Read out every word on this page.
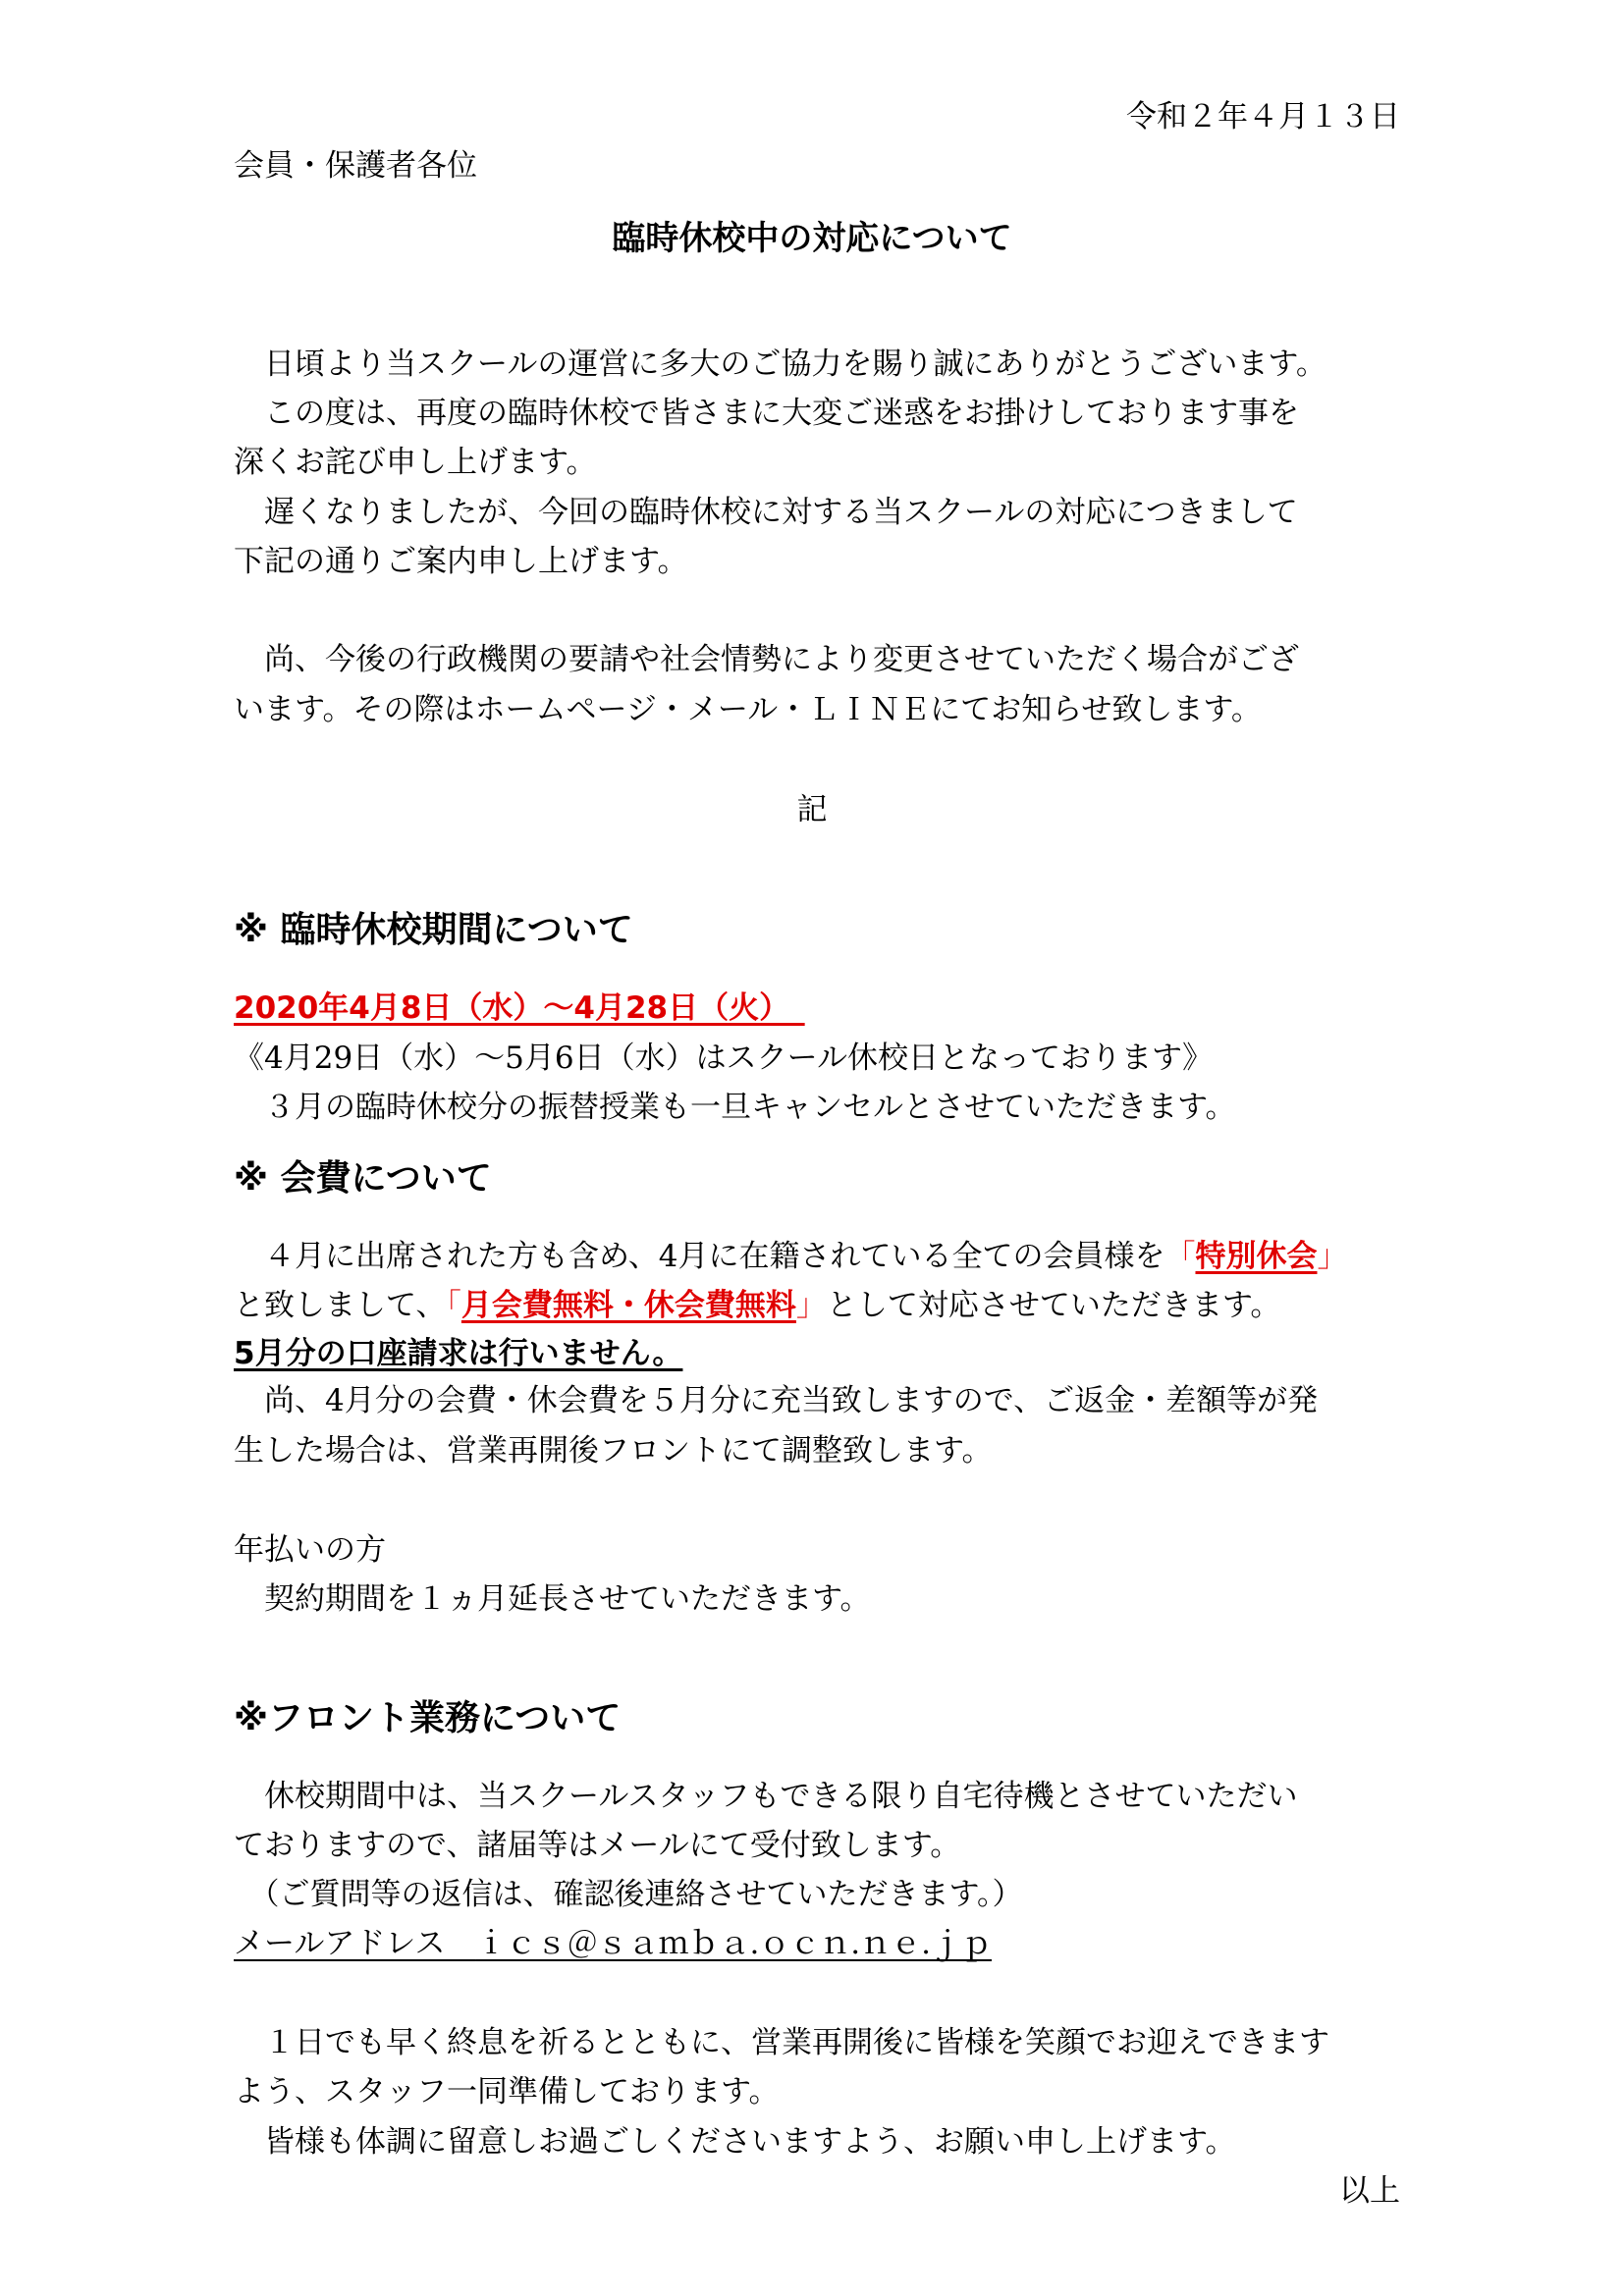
令和２年４月１３日
会員・保護者各位
臨時休校中の対応について
　日頃より当スクールの運営に多大のご協力を賜り誠にありがとうございます。
　この度は、再度の臨時休校で皆さまに大変ご迷惑をお掛けしております事を
深くお詫び申し上げます。
　遅くなりましたが、今回の臨時休校に対する当スクールの対応につきまして
下記の通りご案内申し上げます。
　尚、今後の行政機関の要請や社会情勢により変更させていただく場合がござ
います。その際はホームページ・メール・ＬＩＮＥにてお知らせ致します。
記
※ 臨時休校期間について
2020年4月8日（水）～4月28日（火）　
《4月29日（水）～5月6日（水）はスクール休校日となっております》
　３月の臨時休校分の振替授業も一旦キャンセルとさせていただきます。
※ 会費について
　４月に出席された方も含め、4月に在籍されている全ての会員様を「特別休会」
と致しまして、「月会費無料・休会費無料」として対応させていただきます。
5月分の口座請求は行いません。
　尚、4月分の会費・休会費を５月分に充当致しますので、ご返金・差額等が発
生した場合は、営業再開後フロントにて調整致します。
年払いの方
　契約期間を１ヵ月延長させていただきます。
※フロント業務について
　休校期間中は、当スクールスタッフもできる限り自宅待機とさせていただい
ておりますので、諸届等はメールにて受付致します。
　（ご質問等の返信は、確認後連絡させていただきます。）
メールアドレス　ｉｃｓ＠ｓａｍｂａ.ｏｃｎ.ｎｅ.ｊｐ
　１日でも早く終息を祈るとともに、営業再開後に皆様を笑顔でお迎えできます
よう、スタッフ一同準備しております。
　皆様も体調に留意しお過ごしくださいますよう、お願い申し上げます。
以上
